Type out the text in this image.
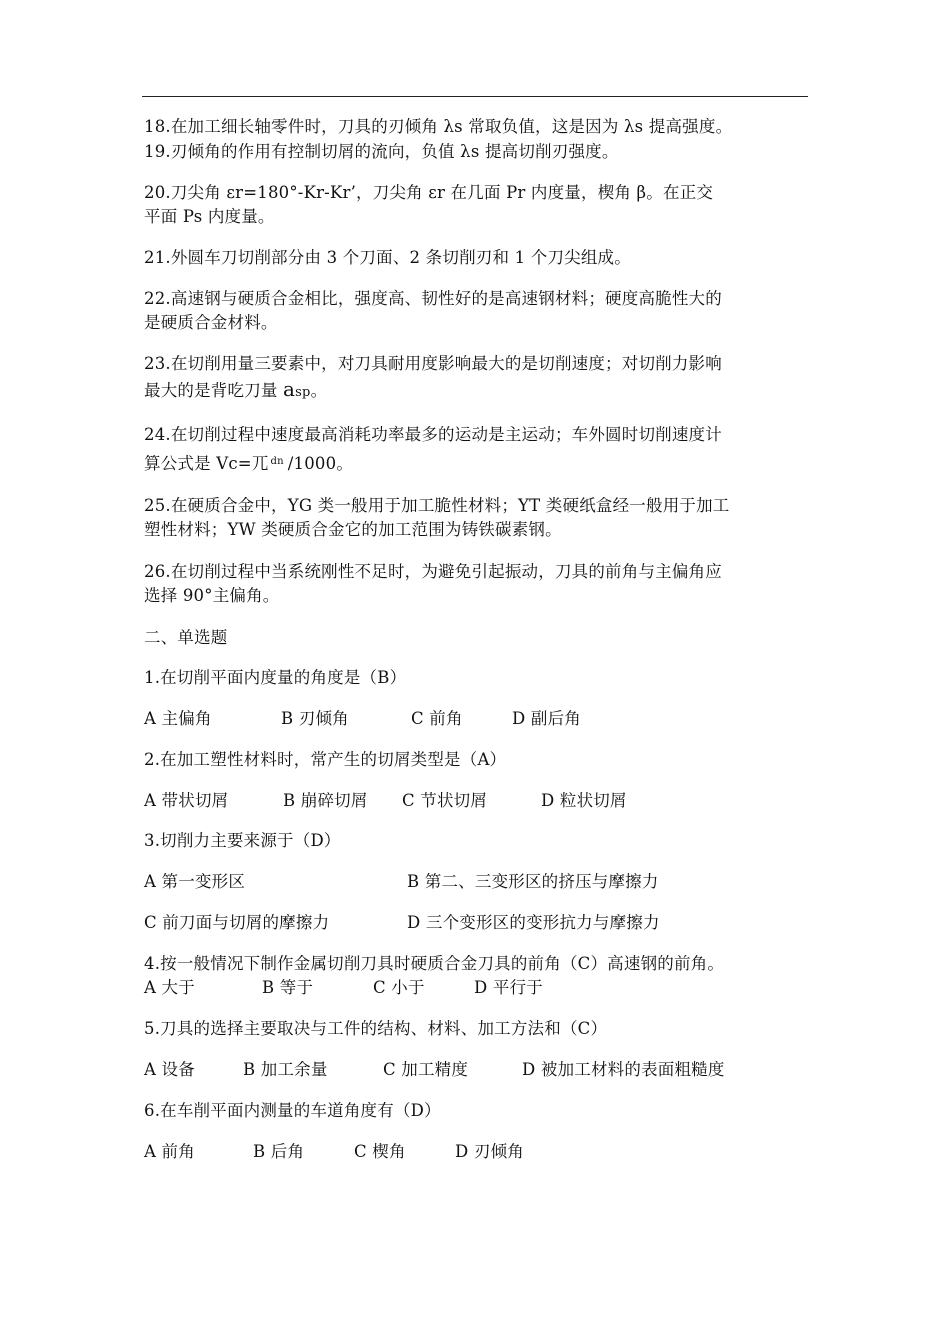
18.在加工细长轴零件时，刀具的刃倾角 λs 常取负值，这是因为 λs 提高强度。
19.刃倾角的作用有控制切屑的流向，负值 λs 提高切削刃强度。
20.刀尖角 εr=180°-Kr-Kr’，刀尖角 εr 在几面 Pr 内度量，楔角 β。在正交
平面 Ps 内度量。
21.外圆车刀切削部分由 3 个刀面、2 条切削刃和 1 个刀尖组成。
22.高速钢与硬质合金相比，强度高、韧性好的是高速钢材料；硬度高脆性大的
是硬质合金材料。
23.在切削用量三要素中，对刀具耐用度影响最大的是切削速度；对切削力影响
最大的是背吃刀量 asp。
24.在切削过程中速度最高消耗功率最多的运动是主运动；车外圆时切削速度计
算公式是 Vc=兀 $^{dn}$ /1000。
25.在硬质合金中，YG 类一般用于加工脆性材料；YT 类硬纸盒经一般用于加工
塑性材料；YW 类硬质合金它的加工范围为铸铁碳素钢。
26.在切削过程中当系统刚性不足时，为避免引起振动，刀具的前角与主偏角应
选择 90°主偏角。
二、单选题
1.在切削平面内度量的角度是（B）
A 主偏角	B 刃倾角	C 前角	D 副后角
2.在加工塑性材料时，常产生的切屑类型是（A）
A 带状切屑	B 崩碎切屑 C 节状切屑	D 粒状切屑
3.切削力主要来源于（D）
A 第一变形区	B 第二、三变形区的挤压与摩擦力
C 前刀面与切屑的摩擦力	D 三个变形区的变形抗力与摩擦力
4.按一般情况下制作金属切削刀具时硬质合金刀具的前角（C）高速钢的前角。
A 大于	B 等于	C 小于	D 平行于
5.刀具的选择主要取决与工件的结构、材料、加工方法和（C）
A 设备	B 加工余量	C 加工精度	D 被加工材料的表面粗糙度
6.在车削平面内测量的车道角度有（D）
A 前角	B 后角	C 楔角	D 刃倾角
